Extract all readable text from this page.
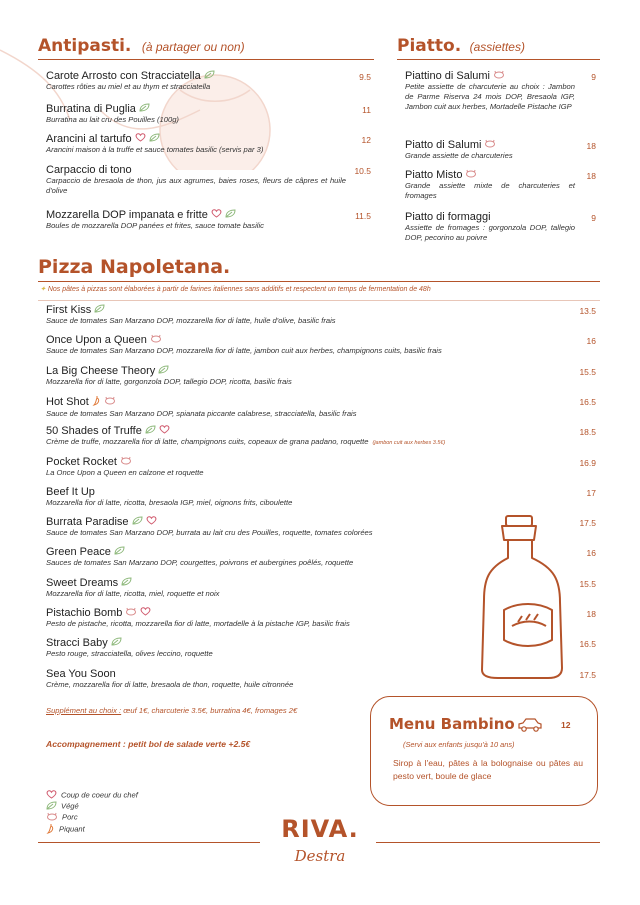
Antipasti. (à partager ou non)
Carote Arrosto con Stracciatella
Carottes rôties au miel et au thym et stracciatella
9.5
Burratina di Puglia
Burratina au lait cru des Pouilles (100g)
11
Arancini al tartufo
Arancini maison à la truffe et sauce tomates basilic (servis par 3)
12
Carpaccio di tono
Carpaccio de bresaola de thon, jus aux agrumes, baies roses, fleurs de câpres et huile d'olive
10.5
Mozzarella DOP impanata e fritte
Boules de mozzarella DOP panées et frites, sauce tomate basilic
11.5
Piatto. (assiettes)
Piattino di Salumi
Petite assiette de charcuterie au choix : Jambon de Parme Riserva 24 mois DOP, Bresaola IGP, Jambon cuit aux herbes, Mortadelle Pistache IGP
9
Piatto di Salumi
Grande assiette de charcuteries
18
Piatto Misto
Grande assiette mixte de charcuteries et fromages
18
Piatto di formaggi
Assiette de fromages : gorgonzola DOP, tallegio DOP, pecorino au poivre
9
Pizza Napoletana.
✦ Nos pâtes à pizzas sont élaborées à partir de farines italiennes sans additifs et respectent un temps de fermentation de 48h
First Kiss
Sauce de tomates San Marzano DOP, mozzarella fior di latte, huile d'olive, basilic frais
13.5
Once Upon a Queen
Sauce de tomates San Marzano DOP, mozzarella fior di latte, jambon cuit aux herbes, champignons cuits, basilic frais
16
La Big Cheese Theory
Mozzarella fior di latte, gorgonzola DOP, tallegio DOP, ricotta, basilic frais
15.5
Hot Shot
Sauce de tomates San Marzano DOP, spianata piccante calabrese, stracciatella, basilic frais
16.5
50 Shades of Truffe
Crème de truffe, mozzarella fior di latte, champignons cuits, copeaux de grana padano, roquette (jambon cuit aux herbes 3.5€)
18.5
Pocket Rocket
La Once Upon a Queen en calzone et roquette
16.9
Beef It Up
Mozzarella fior di latte, ricotta, bresaola IGP, miel, oignons frits, ciboulette
17
Burrata Paradise
Sauce de tomates San Marzano DOP, burrata au lait cru des Pouilles, roquette, tomates colorées
17.5
Green Peace
Sauces de tomates San Marzano DOP, courgettes, poivrons et aubergines poêlés, roquette
16
Sweet Dreams
Mozzarella fior di latte, ricotta, miel, roquette et noix
15.5
Pistachio Bomb
Pesto de pistache, ricotta, mozzarella fior di latte, mortadelle à la pistache IGP, basilic frais
18
Stracci Baby
Pesto rouge, stracciatella, olives leccino, roquette
16.5
Sea You Soon
Crème, mozzarella fior di latte, bresaola de thon, roquette, huile citronnée
17.5
Supplément au choix : œuf 1€, charcuterie 3.5€, burratina 4€, fromages 2€
Accompagnement : petit bol de salade verte +2.5€
Menu Bambino	12
(Servi aux enfants jusqu'à 10 ans)
Sirop à l'eau, pâtes à la bolognaise ou pâtes au pesto vert, boule de glace
Coup de coeur du chef
Végé
Porc
Piquant	RIVA.
Destra
